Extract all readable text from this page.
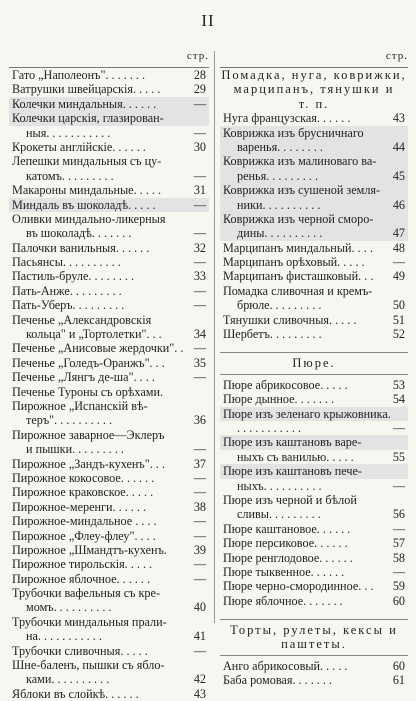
II
стр.
Гато „Наполеонъ". . . . . . .	28
Ватрушки швейцарскія. . . . .	29
Колечки миндальныя. . . . . .	—
Колечки царскія, глазирован-
ныя. . . . . . . . . . .	—
Крокеты англійскіе. . . . . .	30
Лепешки миндальныя съ цу-
катомъ. . . . . . . . .	—
Макароны миндальные. . . . .	31
Миндаль въ шоколадѣ. . . . .	—
Оливки миндально-ликерныя
въ шоколадѣ. . . . . . .	—
Палочки ванильныя. . . . . .	32
Пасьянсы. . . . . . . . . .	—
Пастиль-бруле. . . . . . . .	33
Пать-Анже. . . . . . . . .	—
Пать-Уберъ. . . . . . . . .	—
Печенье „Александровскія
кольца" и „Тортолетки". . .	34
Печенье „Анисовые жердочки". . —
Печенье „Голедъ-Оранжъ". . . 35
Печенье „Лянгъ де-ша". . . .	—
Печенье Туроны съ орѣхами.
Пирожное „Испанскій вѣ-
теръ". . . . . . . . . .	36
Пирожное заварное—Эклеръ
и пышки. . . . . . . . .	—
Пирожное „Зандъ-кухенъ". . . 37
Пирожное кокосовое. . . . . .	—
Пирожное краковское. . . . .	—
Пирожное-меренги. . . . . .	38
Пирожное-миндальное . . . .	—
Пирожное „Флеу-флеу". . . .	—
Пирожное „Шмандтъ-кухенъ. 39
Пирожное тирольскія. . . . .	—
Пирожное яблочное. . . . . .	—
Трубочки вафельныя съ кре-
момъ. . . . . . . . . .	40
Трубочки миндальныя прали-
на. . . . . . . . . . .	41
Трубочки сливочныя. . . . .	—
Шне-баленъ, пышки съ ябло-
ками. . . . . . . . . .	42
Яблоки въ слойкѣ. . . . . .	43
стр.
Помадка, нуга, коврижки,
марципанъ, тянушки и
т. п.
Нуга французская. . . . . .	43
Коврижка изъ брусничнаго
варенья. . . . . . . .	44
Коврижка изъ малиноваго ва-
ренья. . . . . . . . .	45
Коврижка изъ сушеной земля-
ники. . . . . . . . . .	46
Коврижка изъ черной сморо-
дины. . . . . . . . . .	47
Марципанъ миндальный. . . . 48
Марципанъ орѣховый. . . . . —
Марципанъ фисташковый. . . 49
Помадка сливочная и кремъ-
брюле. . . . . . . . .	50
Тянушки сливочныя. . . . .	51
Шербетъ. . . . . . . . .	52
Пюре.
Пюре абрикосовое. . . . .	53
Пюре дынное. . . . . . .	54
Пюре изъ зеленаго крыжовника.
. . . . . . . . . . .	—
Пюре изъ каштановъ варе-
ныхъ съ ванилью. . . . .	55
Пюре изъ каштановъ пече-
ныхъ. . . . . . . . . .	—
Пюре изъ черной и бѣлой
сливы. . . . . . . . .	56
Пюре каштановое. . . . . .	—
Пюре персиковое. . . . . .	57
Пюре ренглодовое. . . . . .	58
Пюре тыквенное. . . . . .	—
Пюре черно-смородинное. . . 59
Пюре яблочное. . . . . . .	60
Торты, рулеты, кексы и
паштеты.
Анго абрикосовый. . . . .	60
Баба ромовая. . . . . . .	61
